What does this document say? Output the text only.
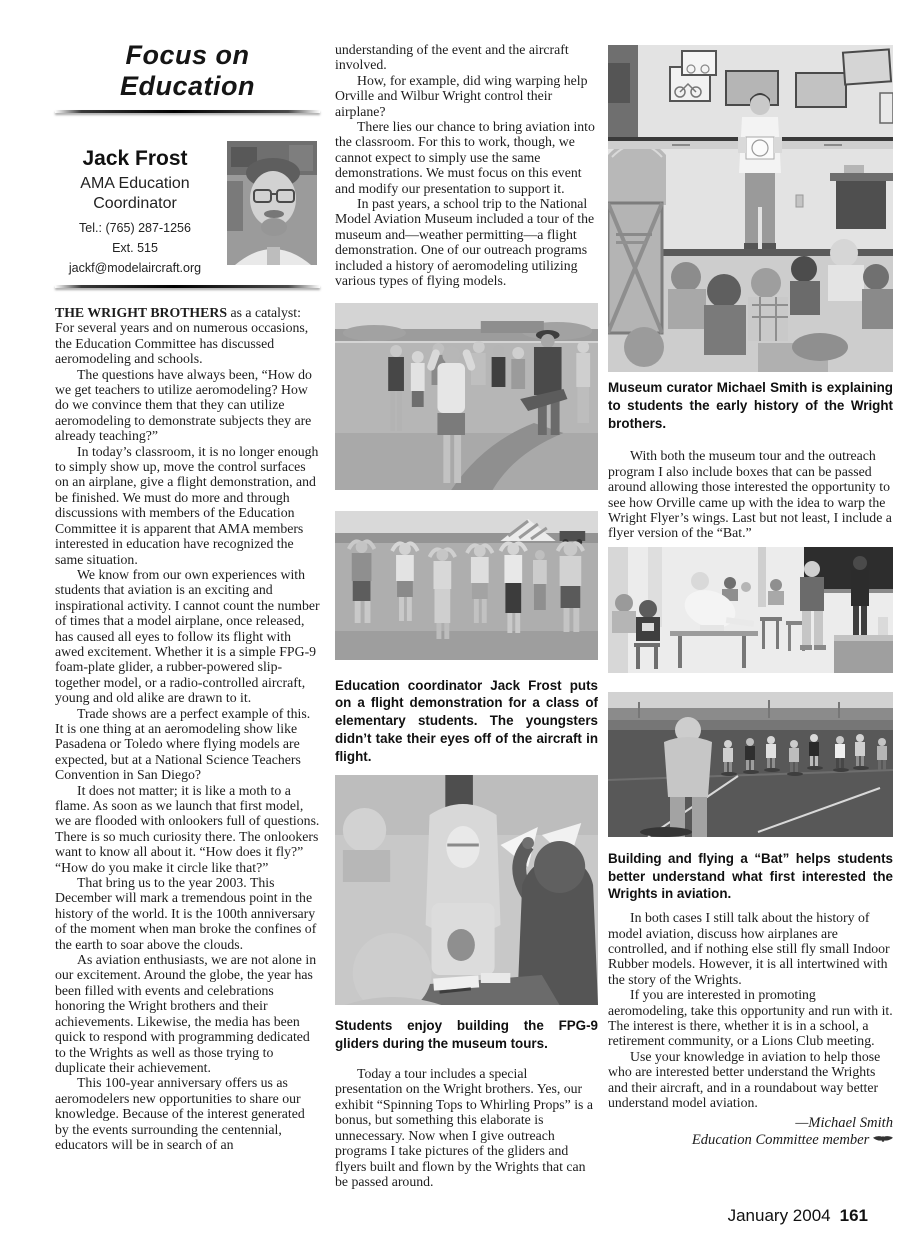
Focus on Education
Jack Frost
AMA Education
Coordinator
Tel.: (765) 287-1256
Ext. 515
jackf@modelaircraft.org

THE WRIGHT BROTHERS as a catalyst: For several years and on numerous occasions, the Education Committee has discussed aeromodeling and schools.

The questions have always been, “How do we get teachers to utilize aeromodeling? How do we convince them that they can utilize aeromodeling to demonstrate subjects they are already teaching?”

In today’s classroom, it is no longer enough to simply show up, move the control surfaces on an airplane, give a flight demonstration, and be finished. We must do more and through discussions with members of the Education Committee it is apparent that AMA members interested in education have recognized the same situation.

We know from our own experiences with students that aviation is an exciting and inspirational activity. I cannot count the number of times that a model airplane, once released, has caused all eyes to follow its flight with awed excitement. Whether it is a simple FPG-9 foam-plate glider, a rubber-powered slip-together model, or a radio-controlled aircraft, young and old alike are drawn to it.

Trade shows are a perfect example of this. It is one thing at an aeromodeling show like Pasadena or Toledo where flying models are expected, but at a National Science Teachers Convention in San Diego?

It does not matter; it is like a moth to a flame. As soon as we launch that first model, we are flooded with onlookers full of questions. There is so much curiosity there. The onlookers want to know all about it. “How does it fly?” “How do you make it circle like that?”

That bring us to the year 2003. This December will mark a tremendous point in the history of the world. It is the 100th anniversary of the moment when man broke the confines of the earth to soar above the clouds.

As aviation enthusiasts, we are not alone in our excitement. Around the globe, the year has been filled with events and celebrations honoring the Wright brothers and their achievements. Likewise, the media has been quick to respond with programming dedicated to the Wrights as well as those trying to duplicate their achievement.

This 100-year anniversary offers us as aeromodelers new opportunities to share our knowledge. Because of the interest generated by the events surrounding the centennial, educators will be in search of an

understanding of the event and the aircraft involved.

How, for example, did wing warping help Orville and Wilbur Wright control their airplane?

There lies our chance to bring aviation into the classroom. For this to work, though, we cannot expect to simply use the same demonstrations. We must focus on this event and modify our presentation to support it.

In past years, a school trip to the National Model Aviation Museum included a tour of the museum and—weather permitting—a flight demonstration. One of our outreach programs included a history of aeromodeling utilizing various types of flying models.

Education coordinator Jack Frost puts on a flight demonstration for a class of elementary students. The youngsters didn’t take their eyes off of the aircraft in flight.

Students enjoy building the FPG-9 gliders during the museum tours.

Today a tour includes a special presentation on the Wright brothers. Yes, our exhibit “Spinning Tops to Whirling Props” is a bonus, but something this elaborate is unnecessary. Now when I give outreach programs I take pictures of the gliders and flyers built and flown by the Wrights that can be passed around.

Museum curator Michael Smith is explaining to students the early history of the Wright brothers.

With both the museum tour and the outreach program I also include boxes that can be passed around allowing those interested the opportunity to see how Orville came up with the idea to warp the Wright Flyer’s wings. Last but not least, I include a flyer version of the “Bat.”

Building and flying a “Bat” helps students better understand what first interested the Wrights in aviation.

In both cases I still talk about the history of model aviation, discuss how airplanes are controlled, and if nothing else still fly small Indoor Rubber models. However, it is all intertwined with the story of the Wrights.

If you are interested in promoting aeromodeling, take this opportunity and run with it. The interest is there, whether it is in a school, a retirement community, or a Lions Club meeting.

Use your knowledge in aviation to help those who are interested better understand the Wrights and their aircraft, and in a roundabout way better understand model aviation.

—Michael Smith
Education Committee member
January 2004 161
